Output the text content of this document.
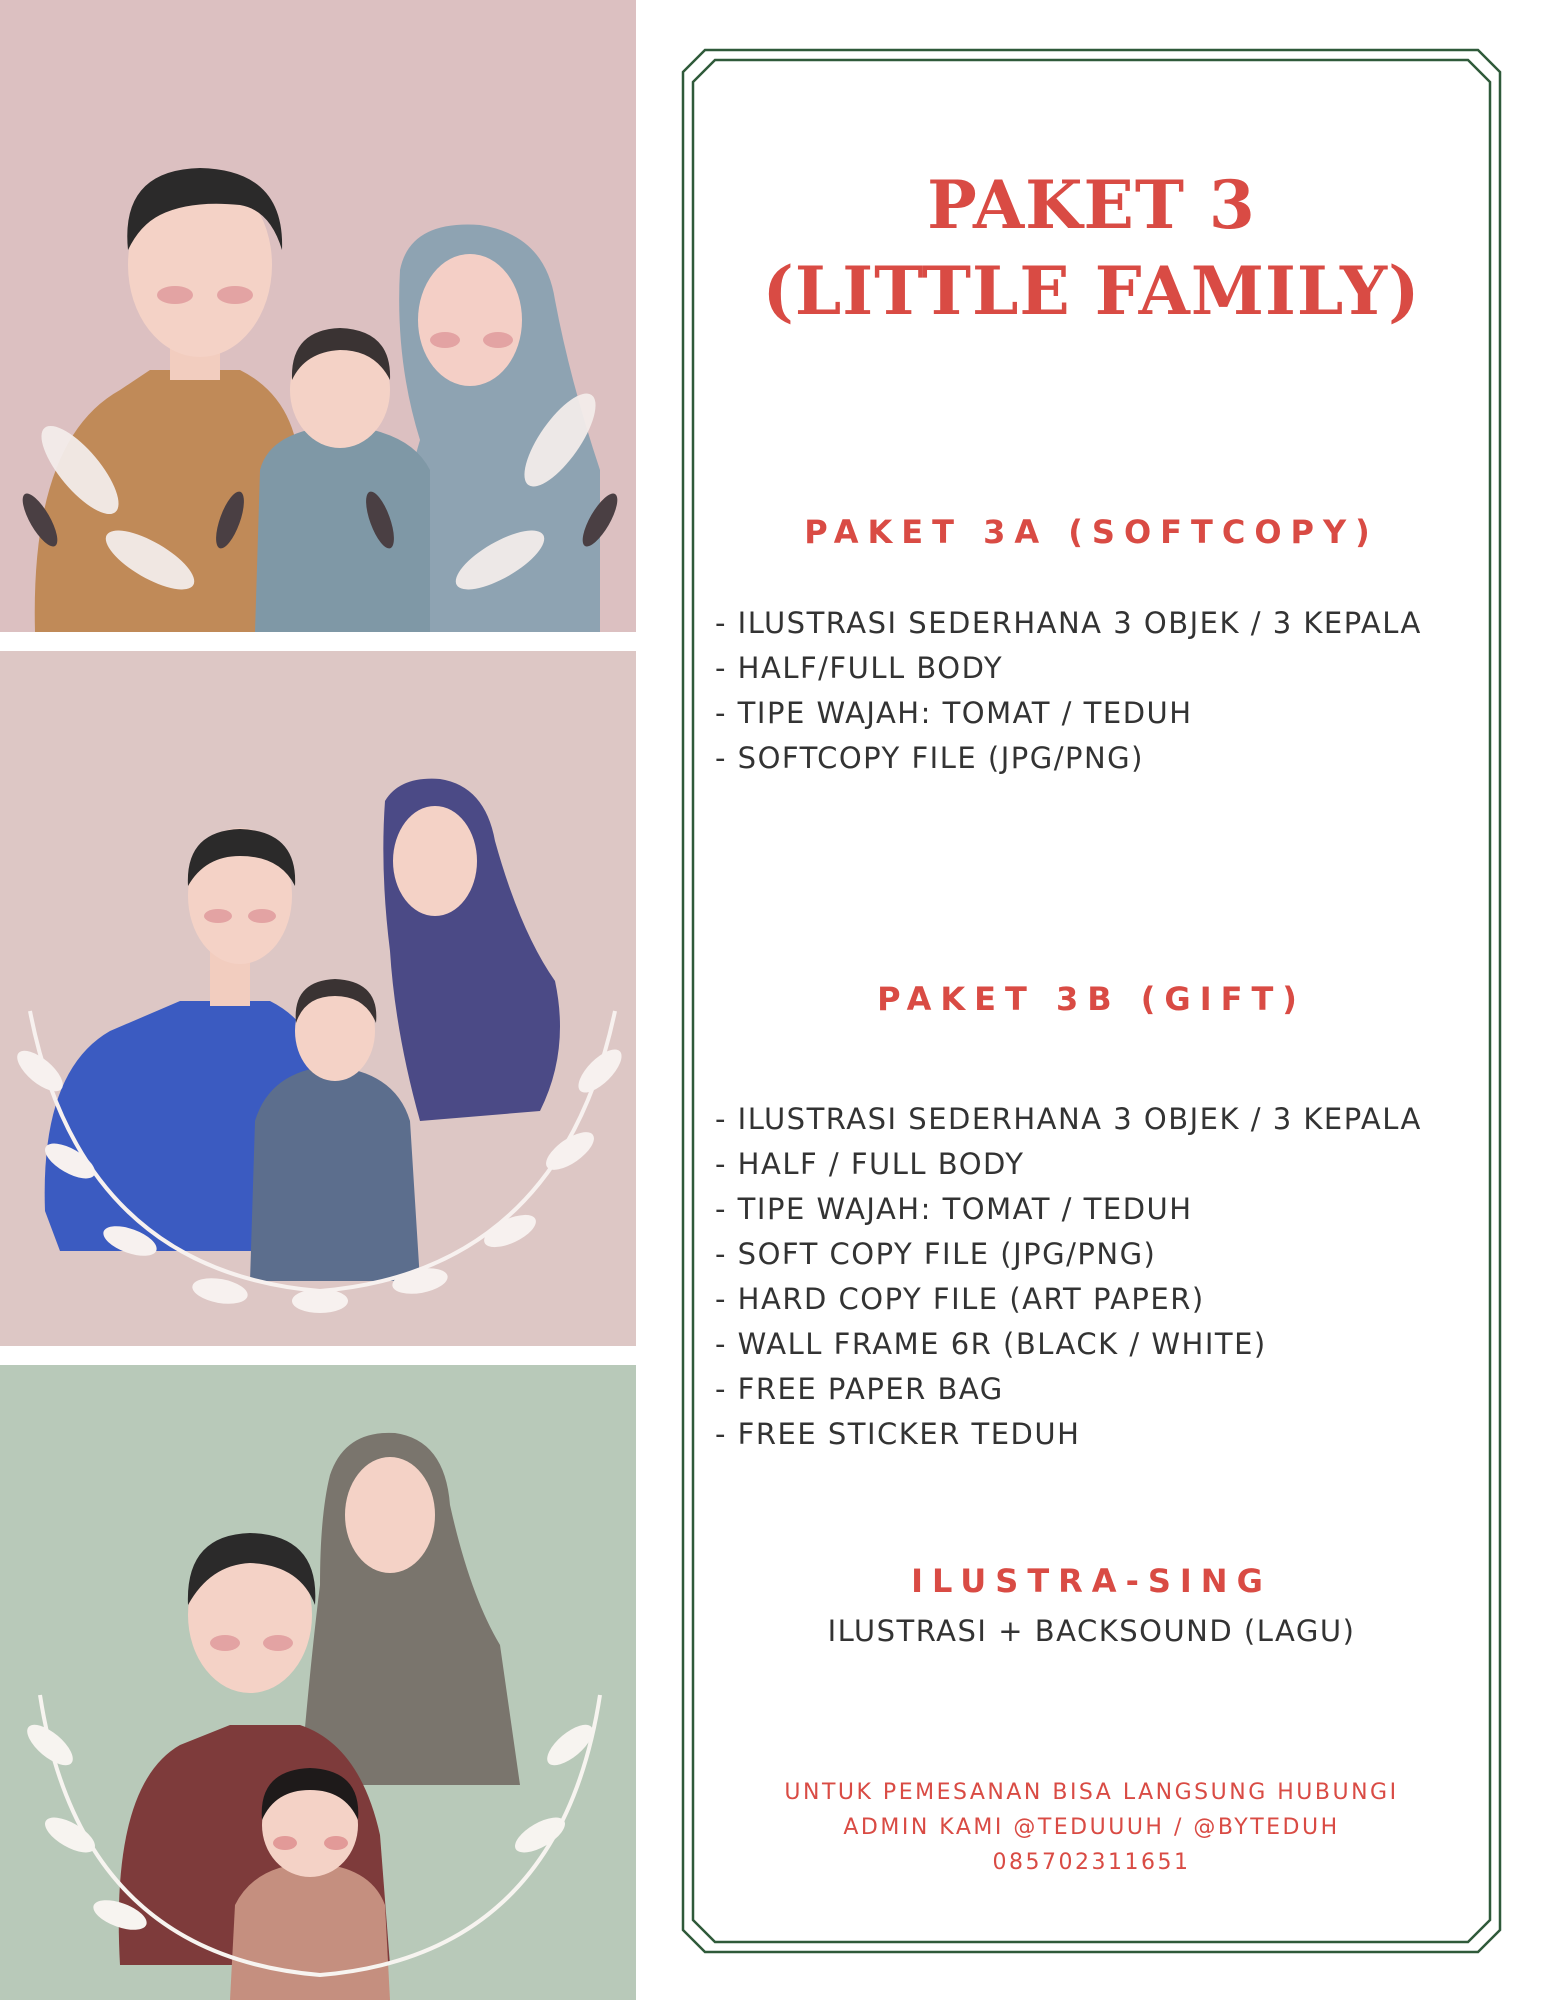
PAKET 3
(LITTLE FAMILY)
PAKET 3A (SOFTCOPY)
- ILUSTRASI SEDERHANA 3 OBJEK / 3 KEPALA
- HALF/FULL BODY
- TIPE WAJAH: TOMAT / TEDUH
- SOFTCOPY FILE (JPG/PNG)
PAKET 3B (GIFT)
- ILUSTRASI SEDERHANA 3 OBJEK / 3 KEPALA
- HALF / FULL BODY
- TIPE WAJAH: TOMAT / TEDUH
- SOFT COPY FILE (JPG/PNG)
- HARD COPY FILE (ART PAPER)
- WALL FRAME 6R (BLACK / WHITE)
- FREE PAPER BAG
- FREE STICKER TEDUH
ILUSTRA-SING

ILUSTRASI + BACKSOUND (LAGU)

UNTUK PEMESANAN BISA LANGSUNG HUBUNGI
ADMIN KAMI @TEDUUUH / @BYTEDUH
085702311651
